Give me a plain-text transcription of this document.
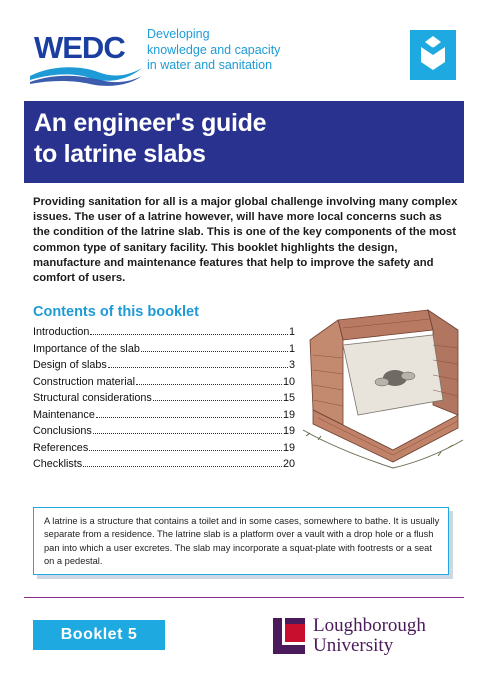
WEDC Developing
knowledge and capacity
in water and sanitation
An engineer's guide
to latrine slabs
Providing sanitation for all is a major global challenge involving many complex issues. The user of a latrine however, will have more local concerns such as the condition of the latrine slab. This is one of the key components of the most common type of sanitary facility. This booklet highlights the design, manufacture and maintenance features that help to improve the safety and comfort of users.
Contents of this booklet
Introduction	1
Importance of the slab	1
Design of slabs	3
Construction material	10
Structural considerations	15
Maintenance	19
Conclusions	19
References	19
Checklists	20
A latrine is a structure that contains a toilet and in some cases, somewhere to bathe. It is usually separate from a residence. The latrine slab is a platform over a vault with a drop hole or a flush pan into which a user excretes. The slab may incorporate a squat-plate with footrests or a seat on a pedestal.
Booklet 5	Loughborough
University
